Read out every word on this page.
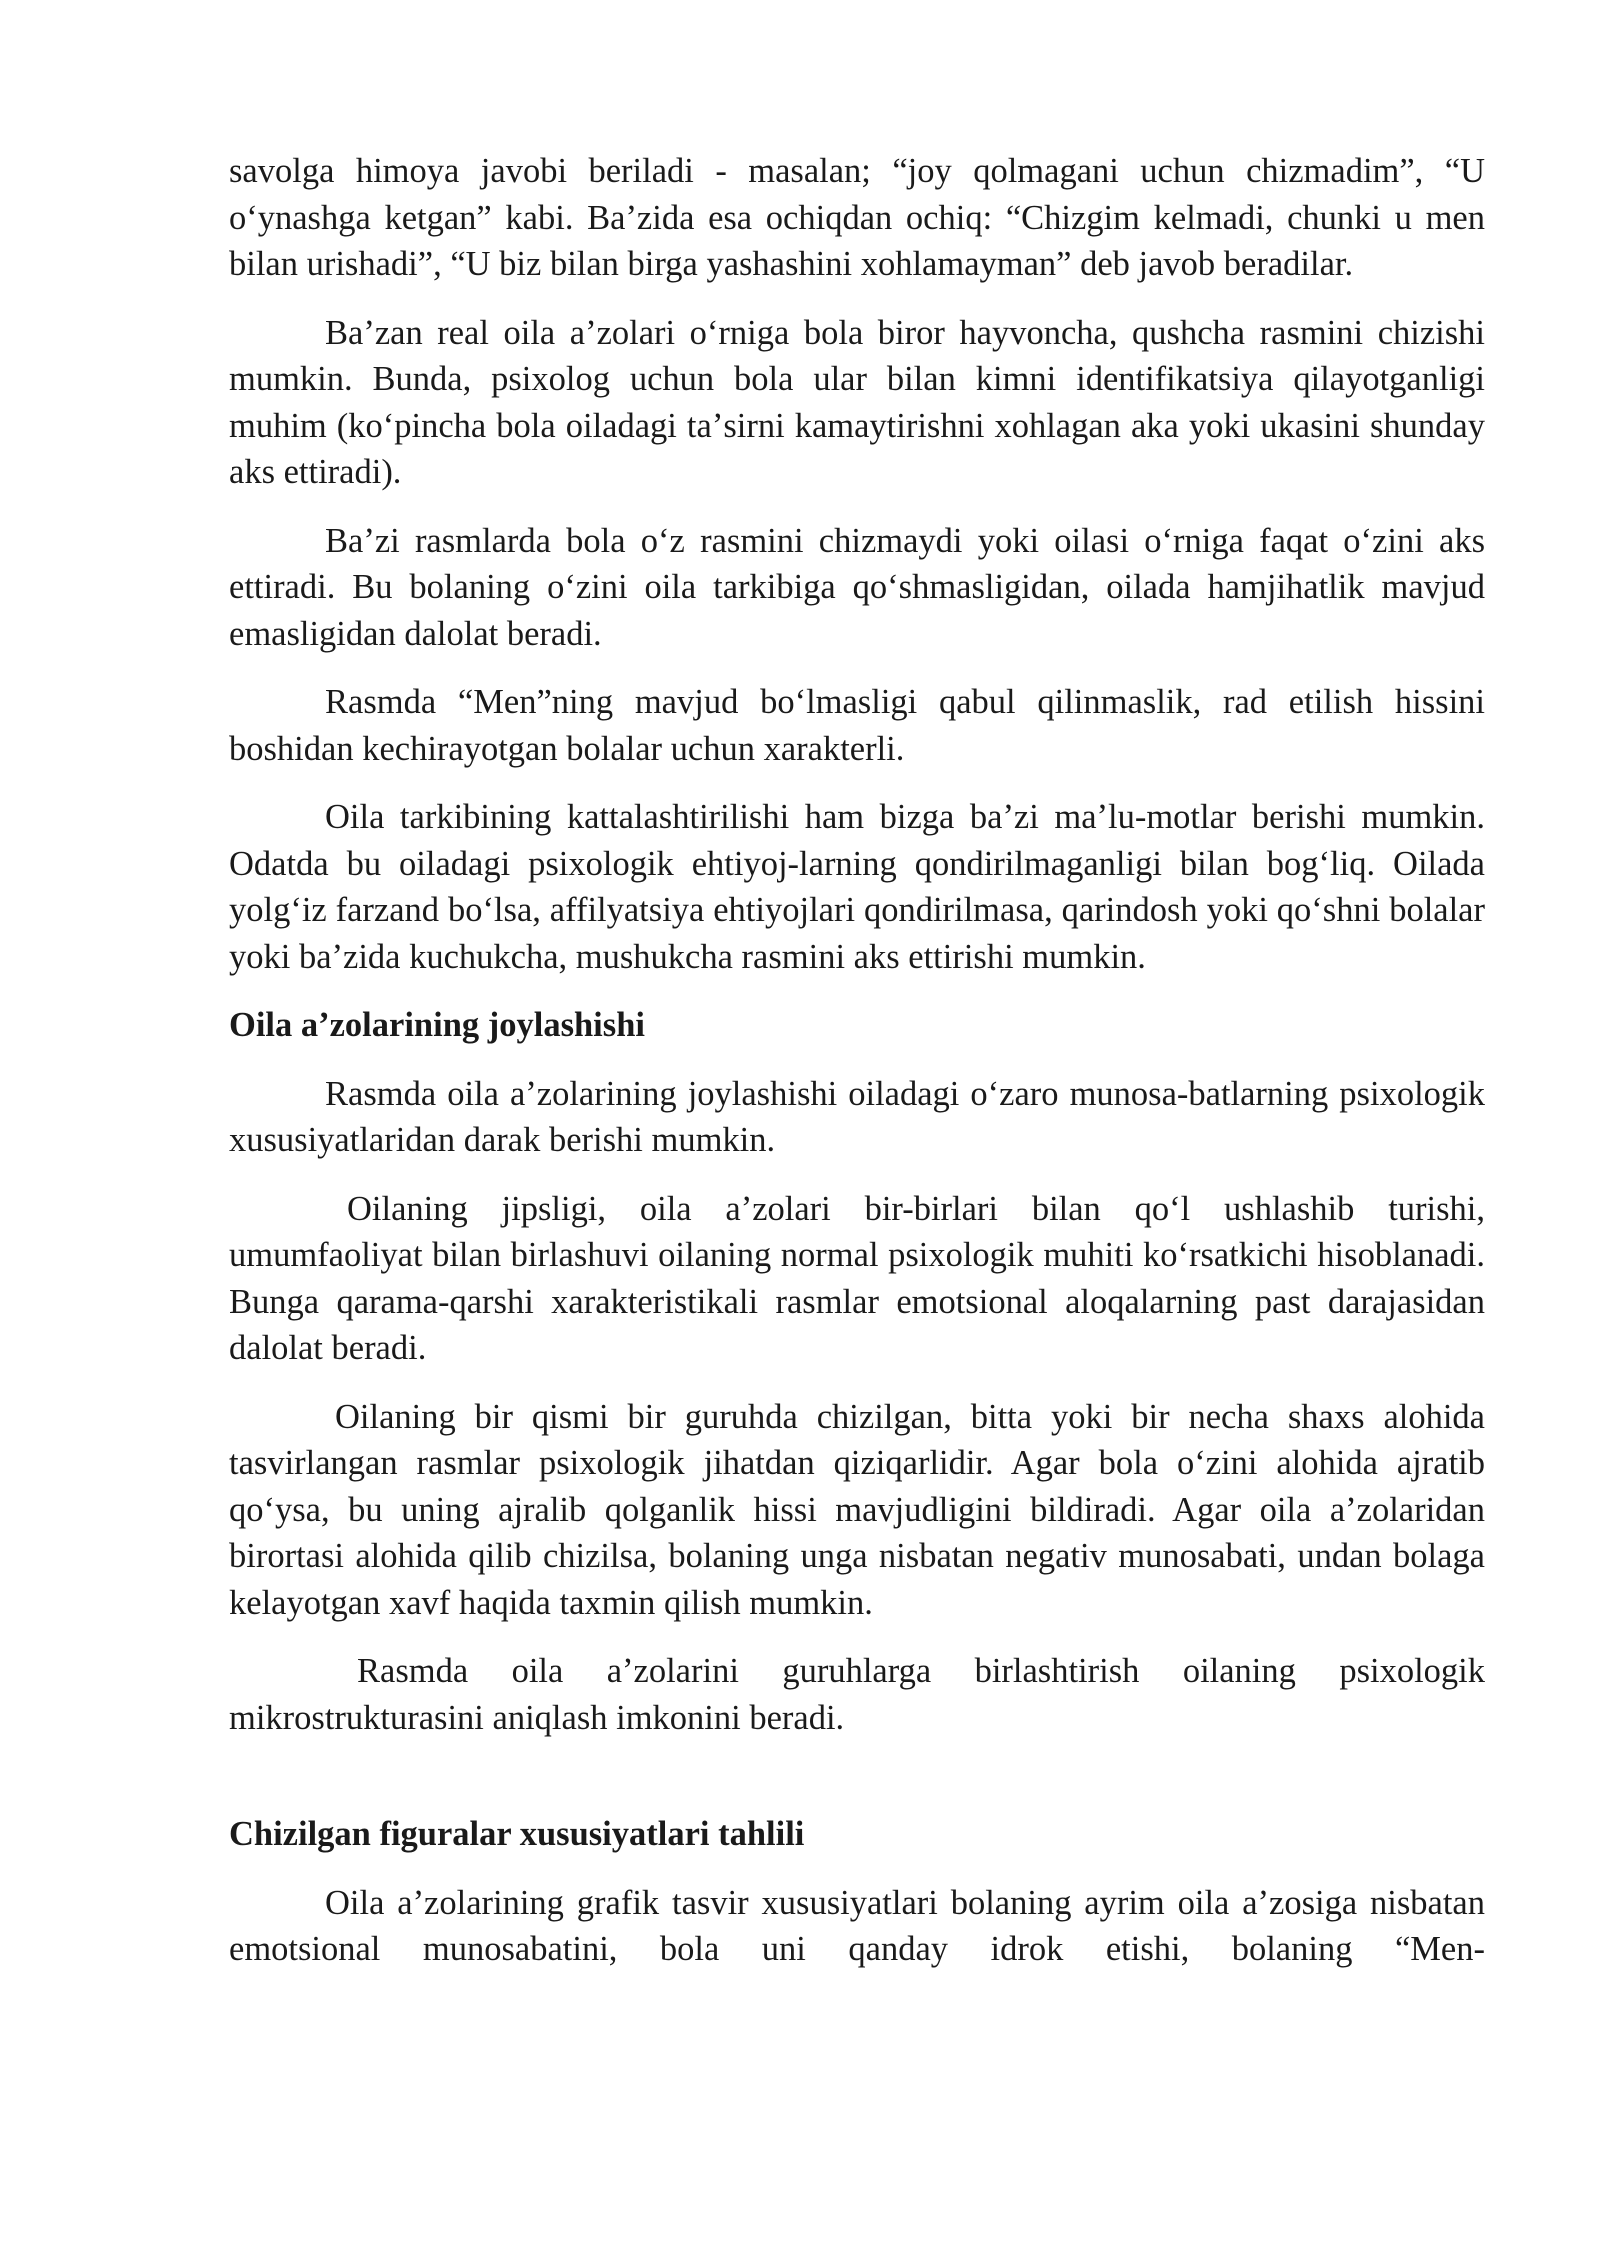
savolga himoya javobi beriladi - masalan; “joy qolmagani uchun chizmadim”, “U oʻynashga ketgan” kabi. Baʼzida esa ochiqdan ochiq: “Chizgim kelmadi, chunki u men bilan urishadi”, “U biz bilan birga yashashini xohlamayman” deb javob beradilar.

Baʼzan real oila aʼzolari oʻrniga bola biror hayvoncha, qushcha rasmini chizishi mumkin. Bunda, psixolog uchun bola ular bilan kimni identifikatsiya qilayotganligi muhim (koʻpincha bola oiladagi taʼsirni kamaytirishni xohlagan aka yoki ukasini shunday aks ettiradi).

Baʼzi rasmlarda bola oʻz rasmini chizmaydi yoki oilasi oʻrniga faqat oʻzini aks ettiradi. Bu bolaning oʻzini oila tarkibiga qoʻshmasligidan, oilada hamjihatlik mavjud emasligidan dalolat beradi.

Rasmda “Men”ning mavjud boʻlmasligi qabul qilinmaslik, rad etilish hissini boshidan kechirayotgan bolalar uchun xarakterli.

Oila tarkibining kattalashtirilishi ham bizga baʼzi maʼlu-motlar berishi mumkin. Odatda bu oiladagi psixologik ehtiyoj-larning qondirilmaganligi bilan bogʻliq. Oilada yolgʻiz farzand boʻlsa, affilyatsiya ehtiyojlari qondirilmasa, qarindosh yoki qoʻshni bolalar yoki baʼzida kuchukcha, mushukcha rasmini aks ettirishi mumkin.

Oila aʼzolarining joylashishi

Rasmda oila aʼzolarining joylashishi oiladagi oʻzaro munosa-batlarning psixologik xususiyatlaridan darak berishi mumkin.

Oilaning jipsligi, oila aʼzolari bir-birlari bilan qoʻl ushlashib turishi, umumfaoliyat bilan birlashuvi oilaning normal psixologik muhiti koʻrsatkichi hisoblanadi. Bunga qarama-qarshi xarakteristikali rasmlar emotsional aloqalarning past darajasidan dalolat beradi.

Oilaning bir qismi bir guruhda chizilgan, bitta yoki bir necha shaxs alohida tasvirlangan rasmlar psixologik jihatdan qiziqarlidir. Agar bola oʻzini alohida ajratib qoʻysa, bu uning ajralib qolganlik hissi mavjudligini bildiradi. Agar oila aʼzolaridan birortasi alohida qilib chizilsa, bolaning unga nisbatan negativ munosabati, undan bolaga kelayotgan xavf haqida taxmin qilish mumkin.

Rasmda oila aʼzolarini guruhlarga birlashtirish oilaning psixologik mikrostrukturasini aniqlash imkonini beradi.

Chizilgan figuralar xususiyatlari tahlili

Oila aʼzolarining grafik tasvir xususiyatlari bolaning ayrim oila aʼzosiga nisbatan emotsional munosabatini, bola uni qanday idrok etishi, bolaning “Men-
